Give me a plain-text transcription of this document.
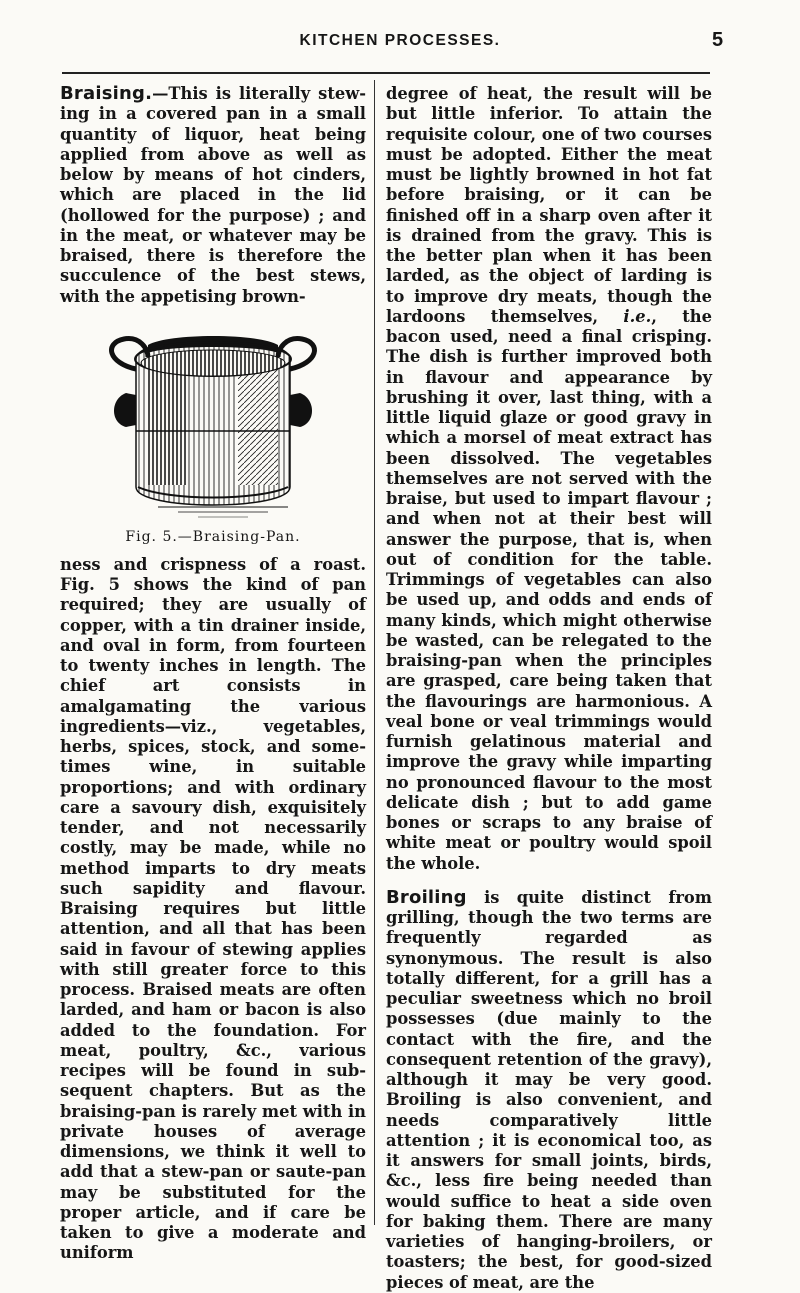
KITCHEN PROCESSES.	5

Braising.—This is literally stewing in a covered pan in a small quantity of liquor, heat being applied from above as well as below by means of hot cinders, which are placed in the lid (hollowed for the purpose) ; and in the meat, or whatever may be braised, there is therefore the succulence of the best stews, with the appetising brown-

Fig. 5.—Braising-Pan.

ness and crispness of a roast. Fig. 5 shows the kind of pan required; they are usually of copper, with a tin drainer inside, and oval in form, from fourteen to twenty inches in length. The chief art consists in amalgamating the various ingredients—viz., vegetables, herbs, spices, stock, and sometimes wine, in suitable proportions; and with ordinary care a savoury dish, exquisitely tender, and not necessarily costly, may be made, while no method imparts to dry meats such sapidity and flavour. Braising requires but little attention, and all that has been said in favour of stewing applies with still greater force to this process. Braised meats are often larded, and ham or bacon is also added to the foundation. For meat, poultry, &c., various recipes will be found in subsequent chapters. But as the braising-pan is rarely met with in private houses of average dimensions, we think it well to add that a stew-pan or saute-pan may be substituted for the proper article, and if care be taken to give a moderate and uniform

degree of heat, the result will be but little inferior. To attain the requisite colour, one of two courses must be adopted. Either the meat must be lightly browned in hot fat before braising, or it can be finished off in a sharp oven after it is drained from the gravy. This is the better plan when it has been larded, as the object of larding is to improve dry meats, though the lardoons themselves, i.e., the bacon used, need a final crisping. The dish is further improved both in flavour and appearance by brushing it over, last thing, with a little liquid glaze or good gravy in which a morsel of meat extract has been dissolved. The vegetables themselves are not served with the braise, but used to impart flavour ; and when not at their best will answer the purpose, that is, when out of condition for the table. Trimmings of vegetables can also be used up, and odds and ends of many kinds, which might otherwise be wasted, can be relegated to the braising-pan when the principles are grasped, care being taken that the flavourings are harmonious. A veal bone or veal trimmings would furnish gelatinous material and improve the gravy while imparting no pronounced flavour to the most delicate dish ; but to add game bones or scraps to any braise of white meat or poultry would spoil the whole.

Broiling is quite distinct from grilling, though the two terms are frequently regarded as synonymous. The result is also totally different, for a grill has a peculiar sweetness which no broil possesses (due mainly to the contact with the fire, and the consequent retention of the gravy), although it may be very good. Broiling is also convenient, and needs comparatively little attention ; it is economical too, as it answers for small joints, birds, &c., less fire being needed than would suffice to heat a side oven for baking them. There are many varieties of hanging-broilers, or toasters; the best, for good-sized pieces of meat, are the
